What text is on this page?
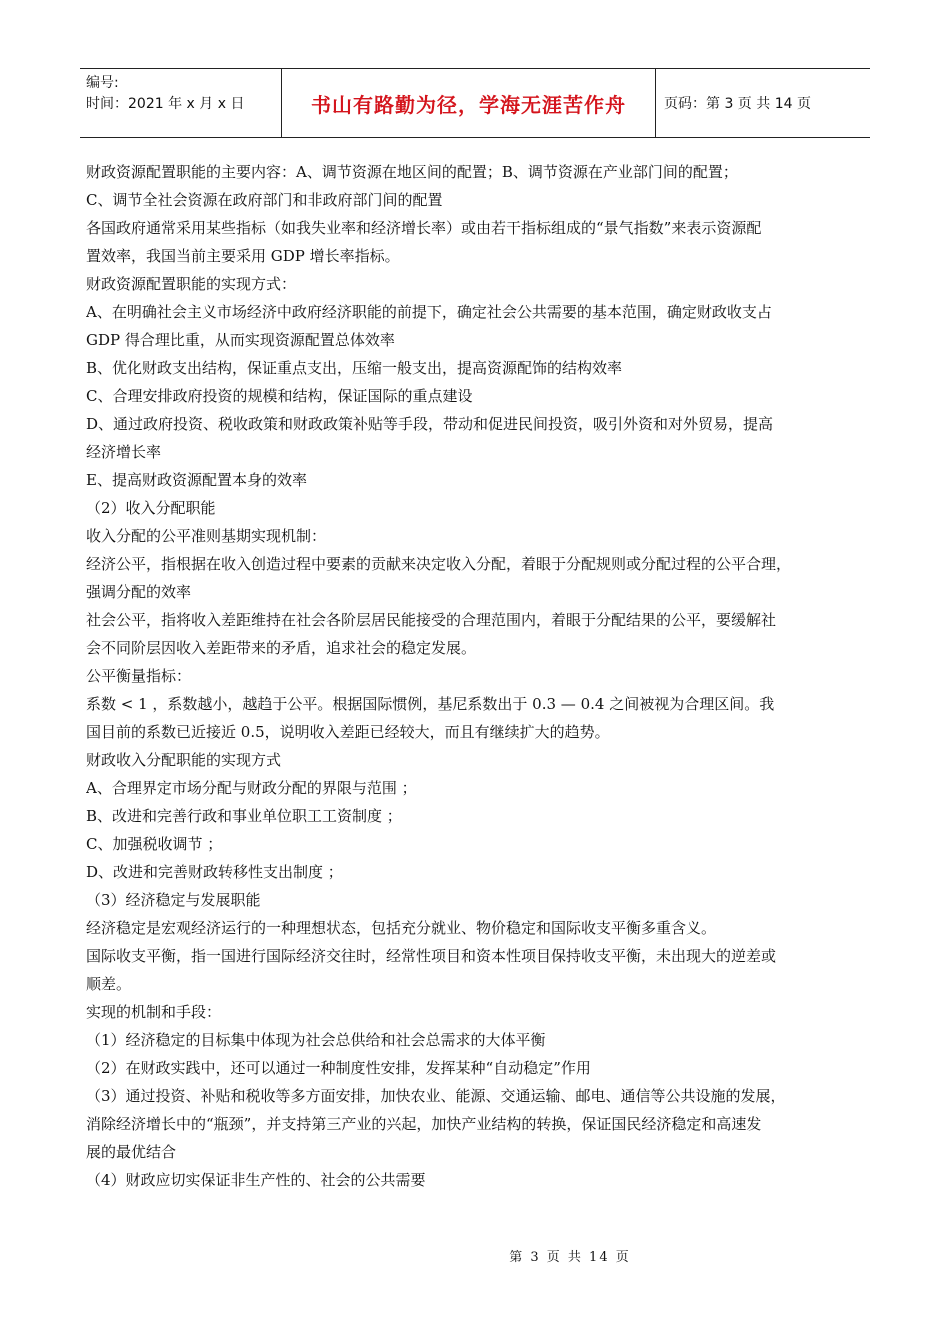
编号:
时间：2021 年 x 月 x 日	书山有路勤为径，学海无涯苦作舟	页码：第 3 页 共 14 页
财政资源配置职能的主要内容：A、调节资源在地区间的配置；B、调节资源在产业部门间的配置；
C、调节全社会资源在政府部门和非政府部门间的配置
各国政府通常采用某些指标（如我失业率和经济增长率）或由若干指标组成的“景气指数”来表示资源配
置效率，我国当前主要采用 GDP 增长率指标。
财政资源配置职能的实现方式：
A、在明确社会主义市场经济中政府经济职能的前提下，确定社会公共需要的基本范围，确定财政收支占
GDP 得合理比重，从而实现资源配置总体效率
B、优化财政支出结构，保证重点支出，压缩一般支出，提高资源配饰的结构效率
C、合理安排政府投资的规模和结构，保证国际的重点建设
D、通过政府投资、税收政策和财政政策补贴等手段，带动和促进民间投资，吸引外资和对外贸易，提高
经济增长率
E、提高财政资源配置本身的效率
（2）收入分配职能
收入分配的公平准则基期实现机制：
经济公平，指根据在收入创造过程中要素的贡献来决定收入分配，着眼于分配规则或分配过程的公平合理，
强调分配的效率
社会公平，指将收入差距维持在社会各阶层居民能接受的合理范围内，着眼于分配结果的公平，要缓解社
会不同阶层因收入差距带来的矛盾，追求社会的稳定发展。
公平衡量指标：
系数 < 1 ，系数越小，越趋于公平。根据国际惯例，基尼系数出于 0.3 — 0.4 之间被视为合理区间。我
国目前的系数已近接近 0.5，说明收入差距已经较大，而且有继续扩大的趋势。
财政收入分配职能的实现方式
A、合理界定市场分配与财政分配的界限与范围 ；
B、改进和完善行政和事业单位职工工资制度 ；
C、加强税收调节 ；
D、改进和完善财政转移性支出制度 ；
（3）经济稳定与发展职能
经济稳定是宏观经济运行的一种理想状态，包括充分就业、物价稳定和国际收支平衡多重含义。
国际收支平衡，指一国进行国际经济交往时，经常性项目和资本性项目保持收支平衡，未出现大的逆差或
顺差。
实现的机制和手段：
（1）经济稳定的目标集中体现为社会总供给和社会总需求的大体平衡
（2）在财政实践中，还可以通过一种制度性安排，发挥某种“自动稳定”作用
（3）通过投资、补贴和税收等多方面安排，加快农业、能源、交通运输、邮电、通信等公共设施的发展，
消除经济增长中的“瓶颈”，并支持第三产业的兴起，加快产业结构的转换，保证国民经济稳定和高速发
展的最优结合
（4）财政应切实保证非生产性的、社会的公共需要
第 3 页 共 14 页
